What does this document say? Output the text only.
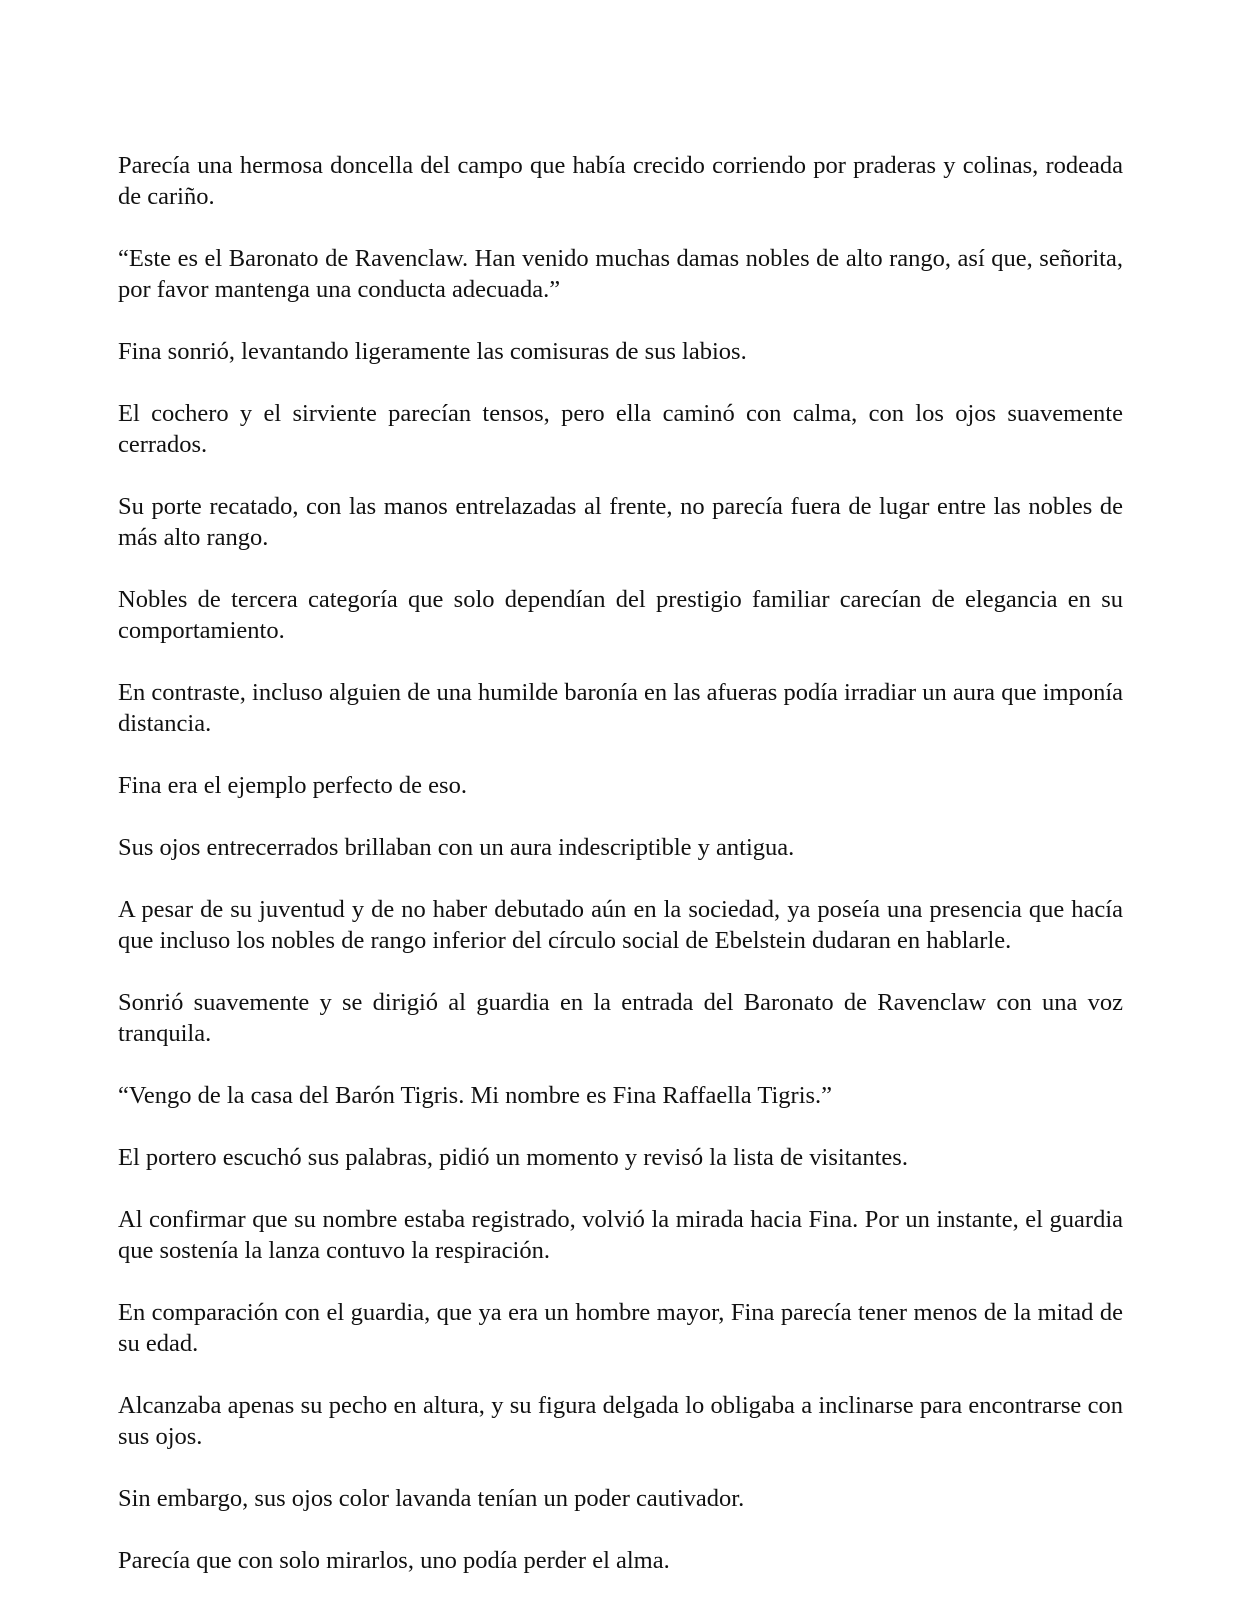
Parecía una hermosa doncella del campo que había crecido corriendo por praderas y colinas, rodeada de cariño.

“Este es el Baronato de Ravenclaw. Han venido muchas damas nobles de alto rango, así que, señorita, por favor mantenga una conducta adecuada.”

Fina sonrió, levantando ligeramente las comisuras de sus labios.

El cochero y el sirviente parecían tensos, pero ella caminó con calma, con los ojos suavemente cerrados.

Su porte recatado, con las manos entrelazadas al frente, no parecía fuera de lugar entre las nobles de más alto rango.

Nobles de tercera categoría que solo dependían del prestigio familiar carecían de elegancia en su comportamiento.

En contraste, incluso alguien de una humilde baronía en las afueras podía irradiar un aura que imponía distancia.

Fina era el ejemplo perfecto de eso.

Sus ojos entrecerrados brillaban con un aura indescriptible y antigua.

A pesar de su juventud y de no haber debutado aún en la sociedad, ya poseía una presencia que hacía que incluso los nobles de rango inferior del círculo social de Ebelstein dudaran en hablarle.

Sonrió suavemente y se dirigió al guardia en la entrada del Baronato de Ravenclaw con una voz tranquila.

“Vengo de la casa del Barón Tigris. Mi nombre es Fina Raffaella Tigris.”

El portero escuchó sus palabras, pidió un momento y revisó la lista de visitantes.

Al confirmar que su nombre estaba registrado, volvió la mirada hacia Fina. Por un instante, el guardia que sostenía la lanza contuvo la respiración.

En comparación con el guardia, que ya era un hombre mayor, Fina parecía tener menos de la mitad de su edad.

Alcanzaba apenas su pecho en altura, y su figura delgada lo obligaba a inclinarse para encontrarse con sus ojos.

Sin embargo, sus ojos color lavanda tenían un poder cautivador.

Parecía que con solo mirarlos, uno podía perder el alma.
